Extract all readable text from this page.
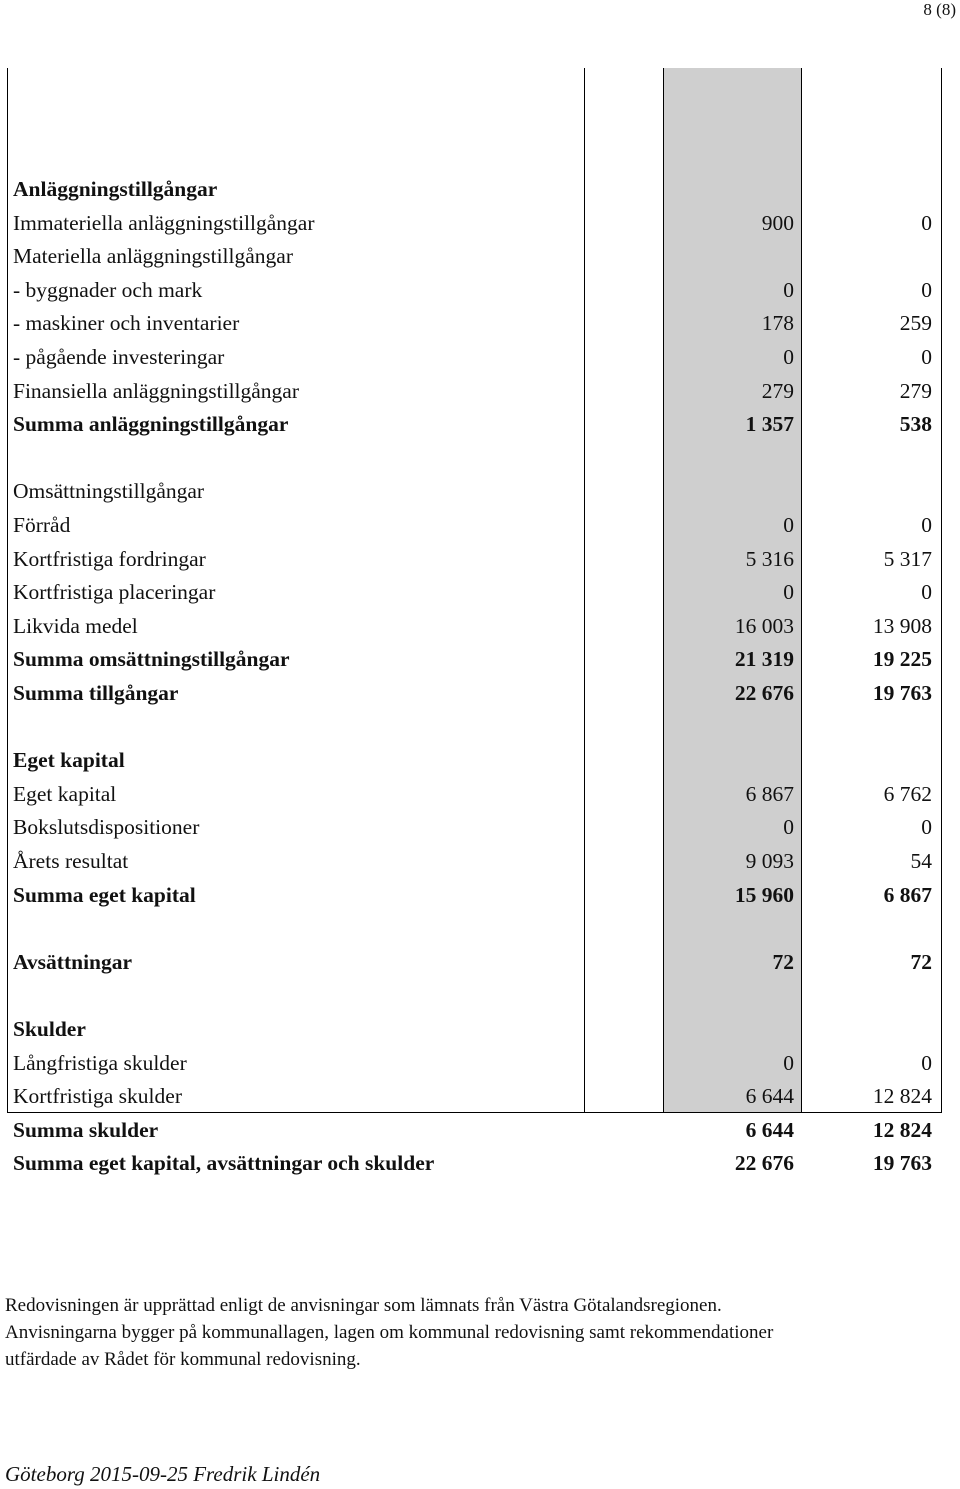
8 (8)
Anläggningstillgångar
Immateriella anläggningstillgångar	900	0
Materiella anläggningstillgångar
- byggnader och mark	0	0
- maskiner och inventarier	178	259
- pågående investeringar	0	0
Finansiella anläggningstillgångar	279	279
Summa anläggningstillgångar	1 357	538
Omsättningstillgångar
Förråd	0	0
Kortfristiga fordringar	5 316	5 317
Kortfristiga placeringar	0	0
Likvida medel	16 003	13 908
Summa omsättningstillgångar	21 319	19 225
Summa tillgångar	22 676	19 763
Eget kapital
Eget kapital	6 867	6 762
Bokslutsdispositioner	0	0
Årets resultat	9 093	54
Summa eget kapital	15 960	6 867
Avsättningar	72	72
Skulder
Långfristiga skulder	0	0
Kortfristiga skulder	6 644	12 824
Summa skulder	6 644	12 824
Summa eget kapital, avsättningar och skulder	22 676	19 763

Redovisningen är upprättad enligt de anvisningar som lämnats från Västra Götalandsregionen.

Anvisningarna bygger på kommunallagen, lagen om kommunal redovisning samt rekommendationer

utfärdade av Rådet för kommunal redovisning.

Göteborg 2015-09-25 Fredrik Lindén
